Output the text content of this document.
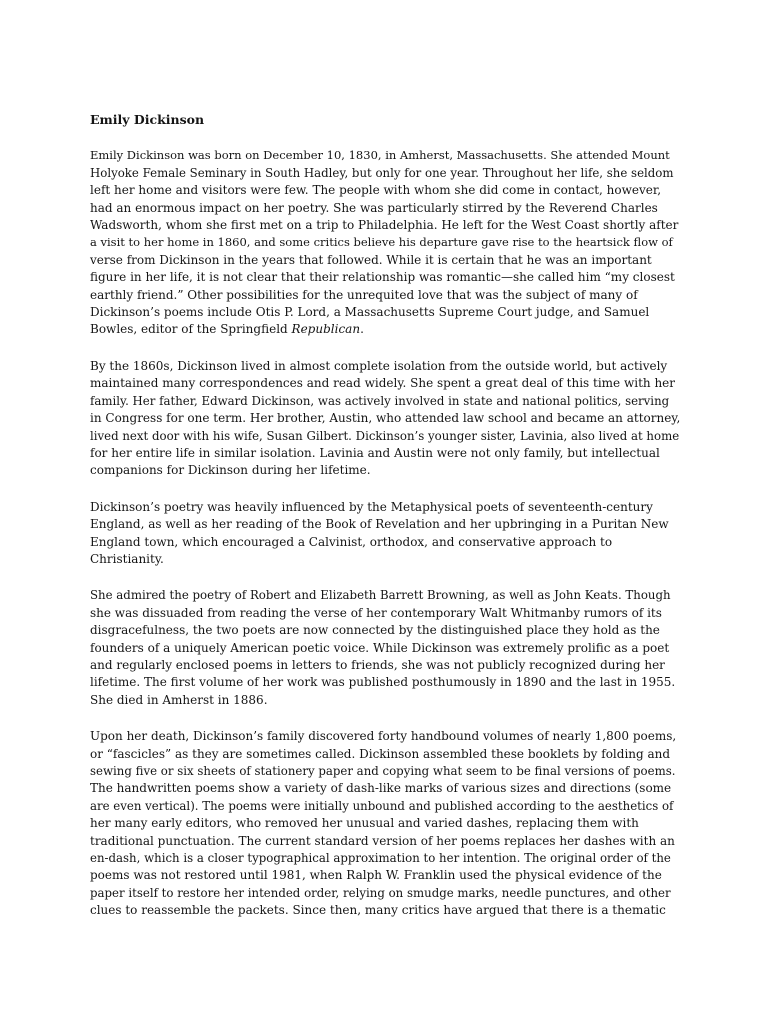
Emily Dickinson
Emily Dickinson was born on December 10, 1830, in Amherst, Massachusetts. She attended Mount
Holyoke Female Seminary in South Hadley, but only for one year. Throughout her life, she seldom
left her home and visitors were few. The people with whom she did come in contact, however,
had an enormous impact on her poetry. She was particularly stirred by the Reverend Charles
Wadsworth, whom she first met on a trip to Philadelphia. He left for the West Coast shortly after
a visit to her home in 1860, and some critics believe his departure gave rise to the heartsick flow of
verse from Dickinson in the years that followed. While it is certain that he was an important
figure in her life, it is not clear that their relationship was romantic—she called him “my closest
earthly friend.” Other possibilities for the unrequited love that was the subject of many of
Dickinson’s poems include Otis P. Lord, a Massachusetts Supreme Court judge, and Samuel
Bowles, editor of the Springfield Republican.
By the 1860s, Dickinson lived in almost complete isolation from the outside world, but actively
maintained many correspondences and read widely. She spent a great deal of this time with her
family. Her father, Edward Dickinson, was actively involved in state and national politics, serving
in Congress for one term. Her brother, Austin, who attended law school and became an attorney,
lived next door with his wife, Susan Gilbert. Dickinson’s younger sister, Lavinia, also lived at home
for her entire life in similar isolation. Lavinia and Austin were not only family, but intellectual
companions for Dickinson during her lifetime.
Dickinson’s poetry was heavily influenced by the Metaphysical poets of seventeenth-century
England, as well as her reading of the Book of Revelation and her upbringing in a Puritan New
England town, which encouraged a Calvinist, orthodox, and conservative approach to
Christianity.
She admired the poetry of Robert and Elizabeth Barrett Browning, as well as John Keats. Though
she was dissuaded from reading the verse of her contemporary Walt Whitmanby rumors of its
disgracefulness, the two poets are now connected by the distinguished place they hold as the
founders of a uniquely American poetic voice. While Dickinson was extremely prolific as a poet
and regularly enclosed poems in letters to friends, she was not publicly recognized during her
lifetime. The first volume of her work was published posthumously in 1890 and the last in 1955.
She died in Amherst in 1886.
Upon her death, Dickinson’s family discovered forty handbound volumes of nearly 1,800 poems,
or “fascicles” as they are sometimes called. Dickinson assembled these booklets by folding and
sewing five or six sheets of stationery paper and copying what seem to be final versions of poems.
The handwritten poems show a variety of dash-like marks of various sizes and directions (some
are even vertical). The poems were initially unbound and published according to the aesthetics of
her many early editors, who removed her unusual and varied dashes, replacing them with
traditional punctuation. The current standard version of her poems replaces her dashes with an
en-dash, which is a closer typographical approximation to her intention. The original order of the
poems was not restored until 1981, when Ralph W. Franklin used the physical evidence of the
paper itself to restore her intended order, relying on smudge marks, needle punctures, and other
clues to reassemble the packets. Since then, many critics have argued that there is a thematic
